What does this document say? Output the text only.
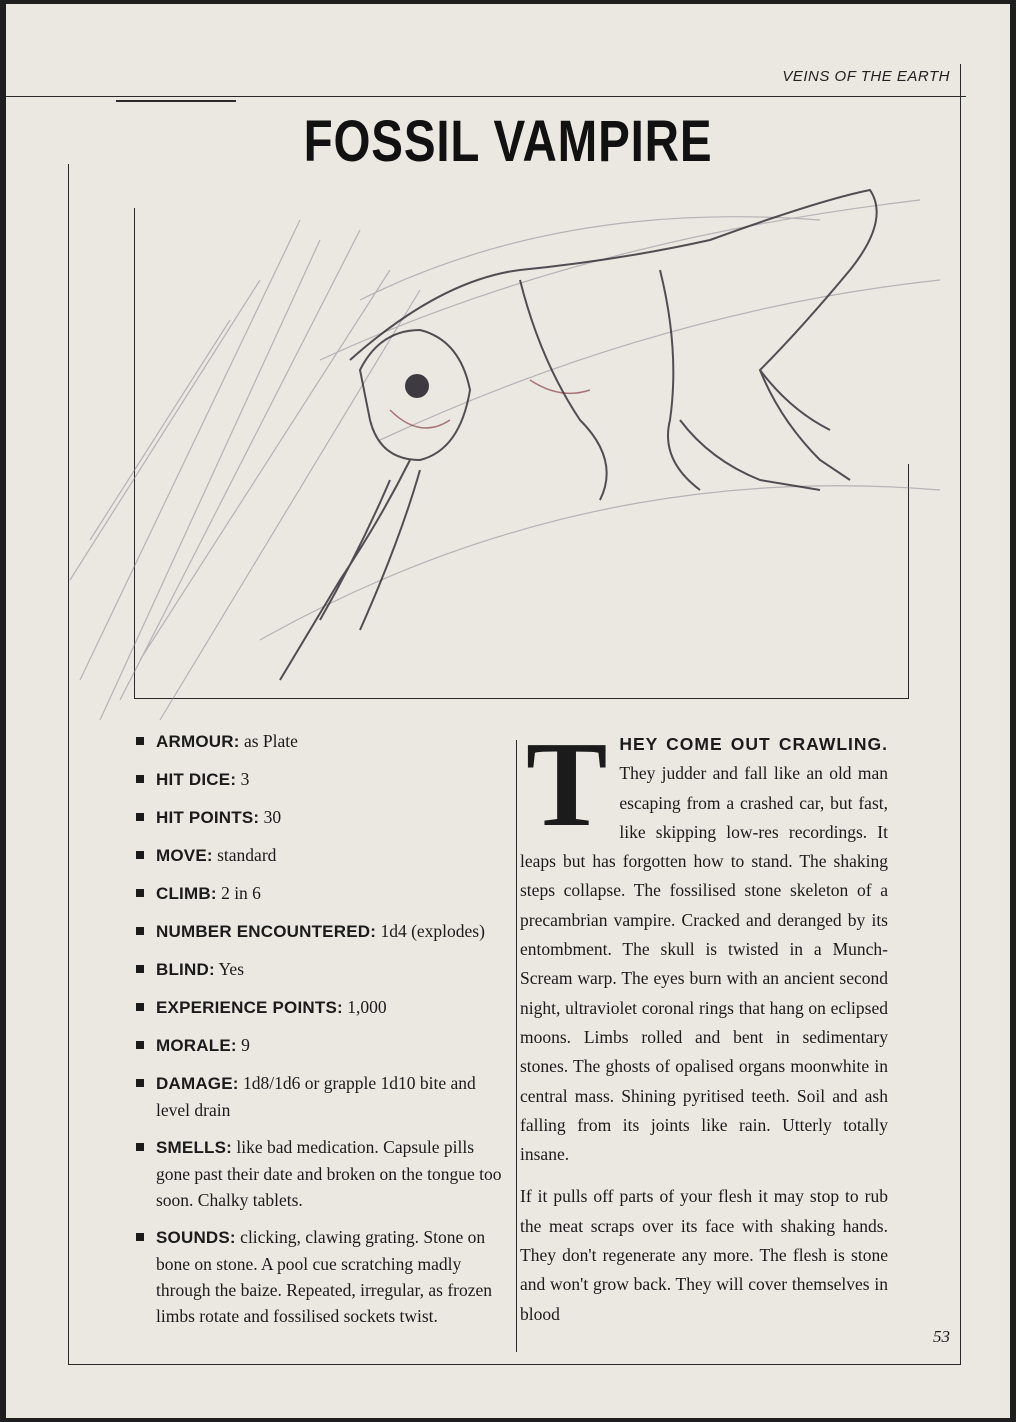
VEINS OF THE EARTH
FOSSIL VAMPIRE
ARMOUR: as Plate
HIT DICE: 3
HIT POINTS: 30
MOVE: standard
CLIMB: 2 in 6
NUMBER ENCOUNTERED: 1d4 (explodes)
BLIND: Yes
EXPERIENCE POINTS: 1,000
MORALE: 9
DAMAGE: 1d8/1d6 or grapple 1d10 bite and level drain
SMELLS: like bad medication. Capsule pills gone past their date and broken on the tongue too soon. Chalky tablets.
SOUNDS: clicking, clawing grating. Stone on bone on stone. A pool cue scratching madly through the baize. Repeated, irregular, as frozen limbs rotate and fossilised sockets twist.

THEY COME OUT CRAWLING. They judder and fall like an old man escaping from a crashed car, but fast, like skipping low-res recordings. It leaps but has forgotten how to stand. The shaking steps collapse. The fossilised stone skeleton of a precambrian vampire. Cracked and deranged by its entombment. The skull is twisted in a Munch-Scream warp. The eyes burn with an ancient second night, ultraviolet coronal rings that hang on eclipsed moons. Limbs rolled and bent in sedimentary stones. The ghosts of opalised organs moonwhite in central mass. Shining pyritised teeth. Soil and ash falling from its joints like rain. Utterly totally insane.

If it pulls off parts of your flesh it may stop to rub the meat scraps over its face with shaking hands. They don't regenerate any more. The flesh is stone and won't grow back. They will cover themselves in blood

53
